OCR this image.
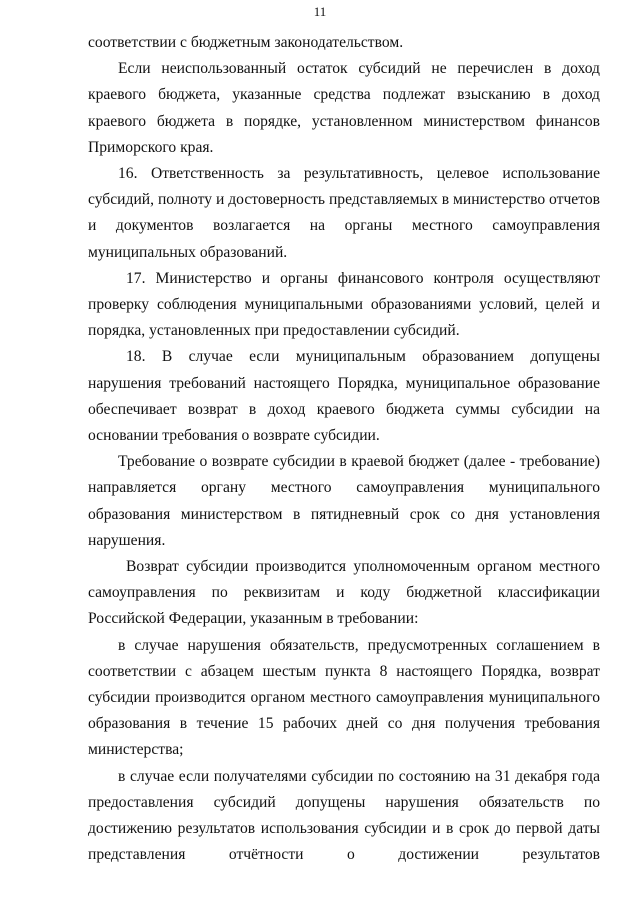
11

соответствии с бюджетным законодательством.

Если неиспользованный остаток субсидий не перечислен в доход краевого бюджета, указанные средства подлежат взысканию в доход краевого бюджета в порядке, установленном министерством финансов Приморского края.

16. Ответственность за результативность, целевое использование субсидий, полноту и достоверность представляемых в министерство отчетов и документов возлагается на органы местного самоуправления муниципальных образований.

17. Министерство и органы финансового контроля осуществляют проверку соблюдения муниципальными образованиями условий, целей и порядка, установленных при предоставлении субсидий.

18. В случае если муниципальным образованием допущены нарушения требований настоящего Порядка, муниципальное образование обеспечивает возврат в доход краевого бюджета суммы субсидии на основании требования о возврате субсидии.

Требование о возврате субсидии в краевой бюджет (далее - требование) направляется органу местного самоуправления муниципального образования министерством в пятидневный срок со дня установления нарушения.

Возврат субсидии производится уполномоченным органом местного самоуправления по реквизитам и коду бюджетной классификации Российской Федерации, указанным в требовании:

в случае нарушения обязательств, предусмотренных соглашением в соответствии с абзацем шестым пункта 8 настоящего Порядка, возврат субсидии производится органом местного самоуправления муниципального образования в течение 15 рабочих дней со дня получения требования министерства;

в случае если получателями субсидии по состоянию на 31 декабря года предоставления субсидий допущены нарушения обязательств по достижению результатов использования субсидии и в срок до первой даты представления отчётности о достижении результатов
